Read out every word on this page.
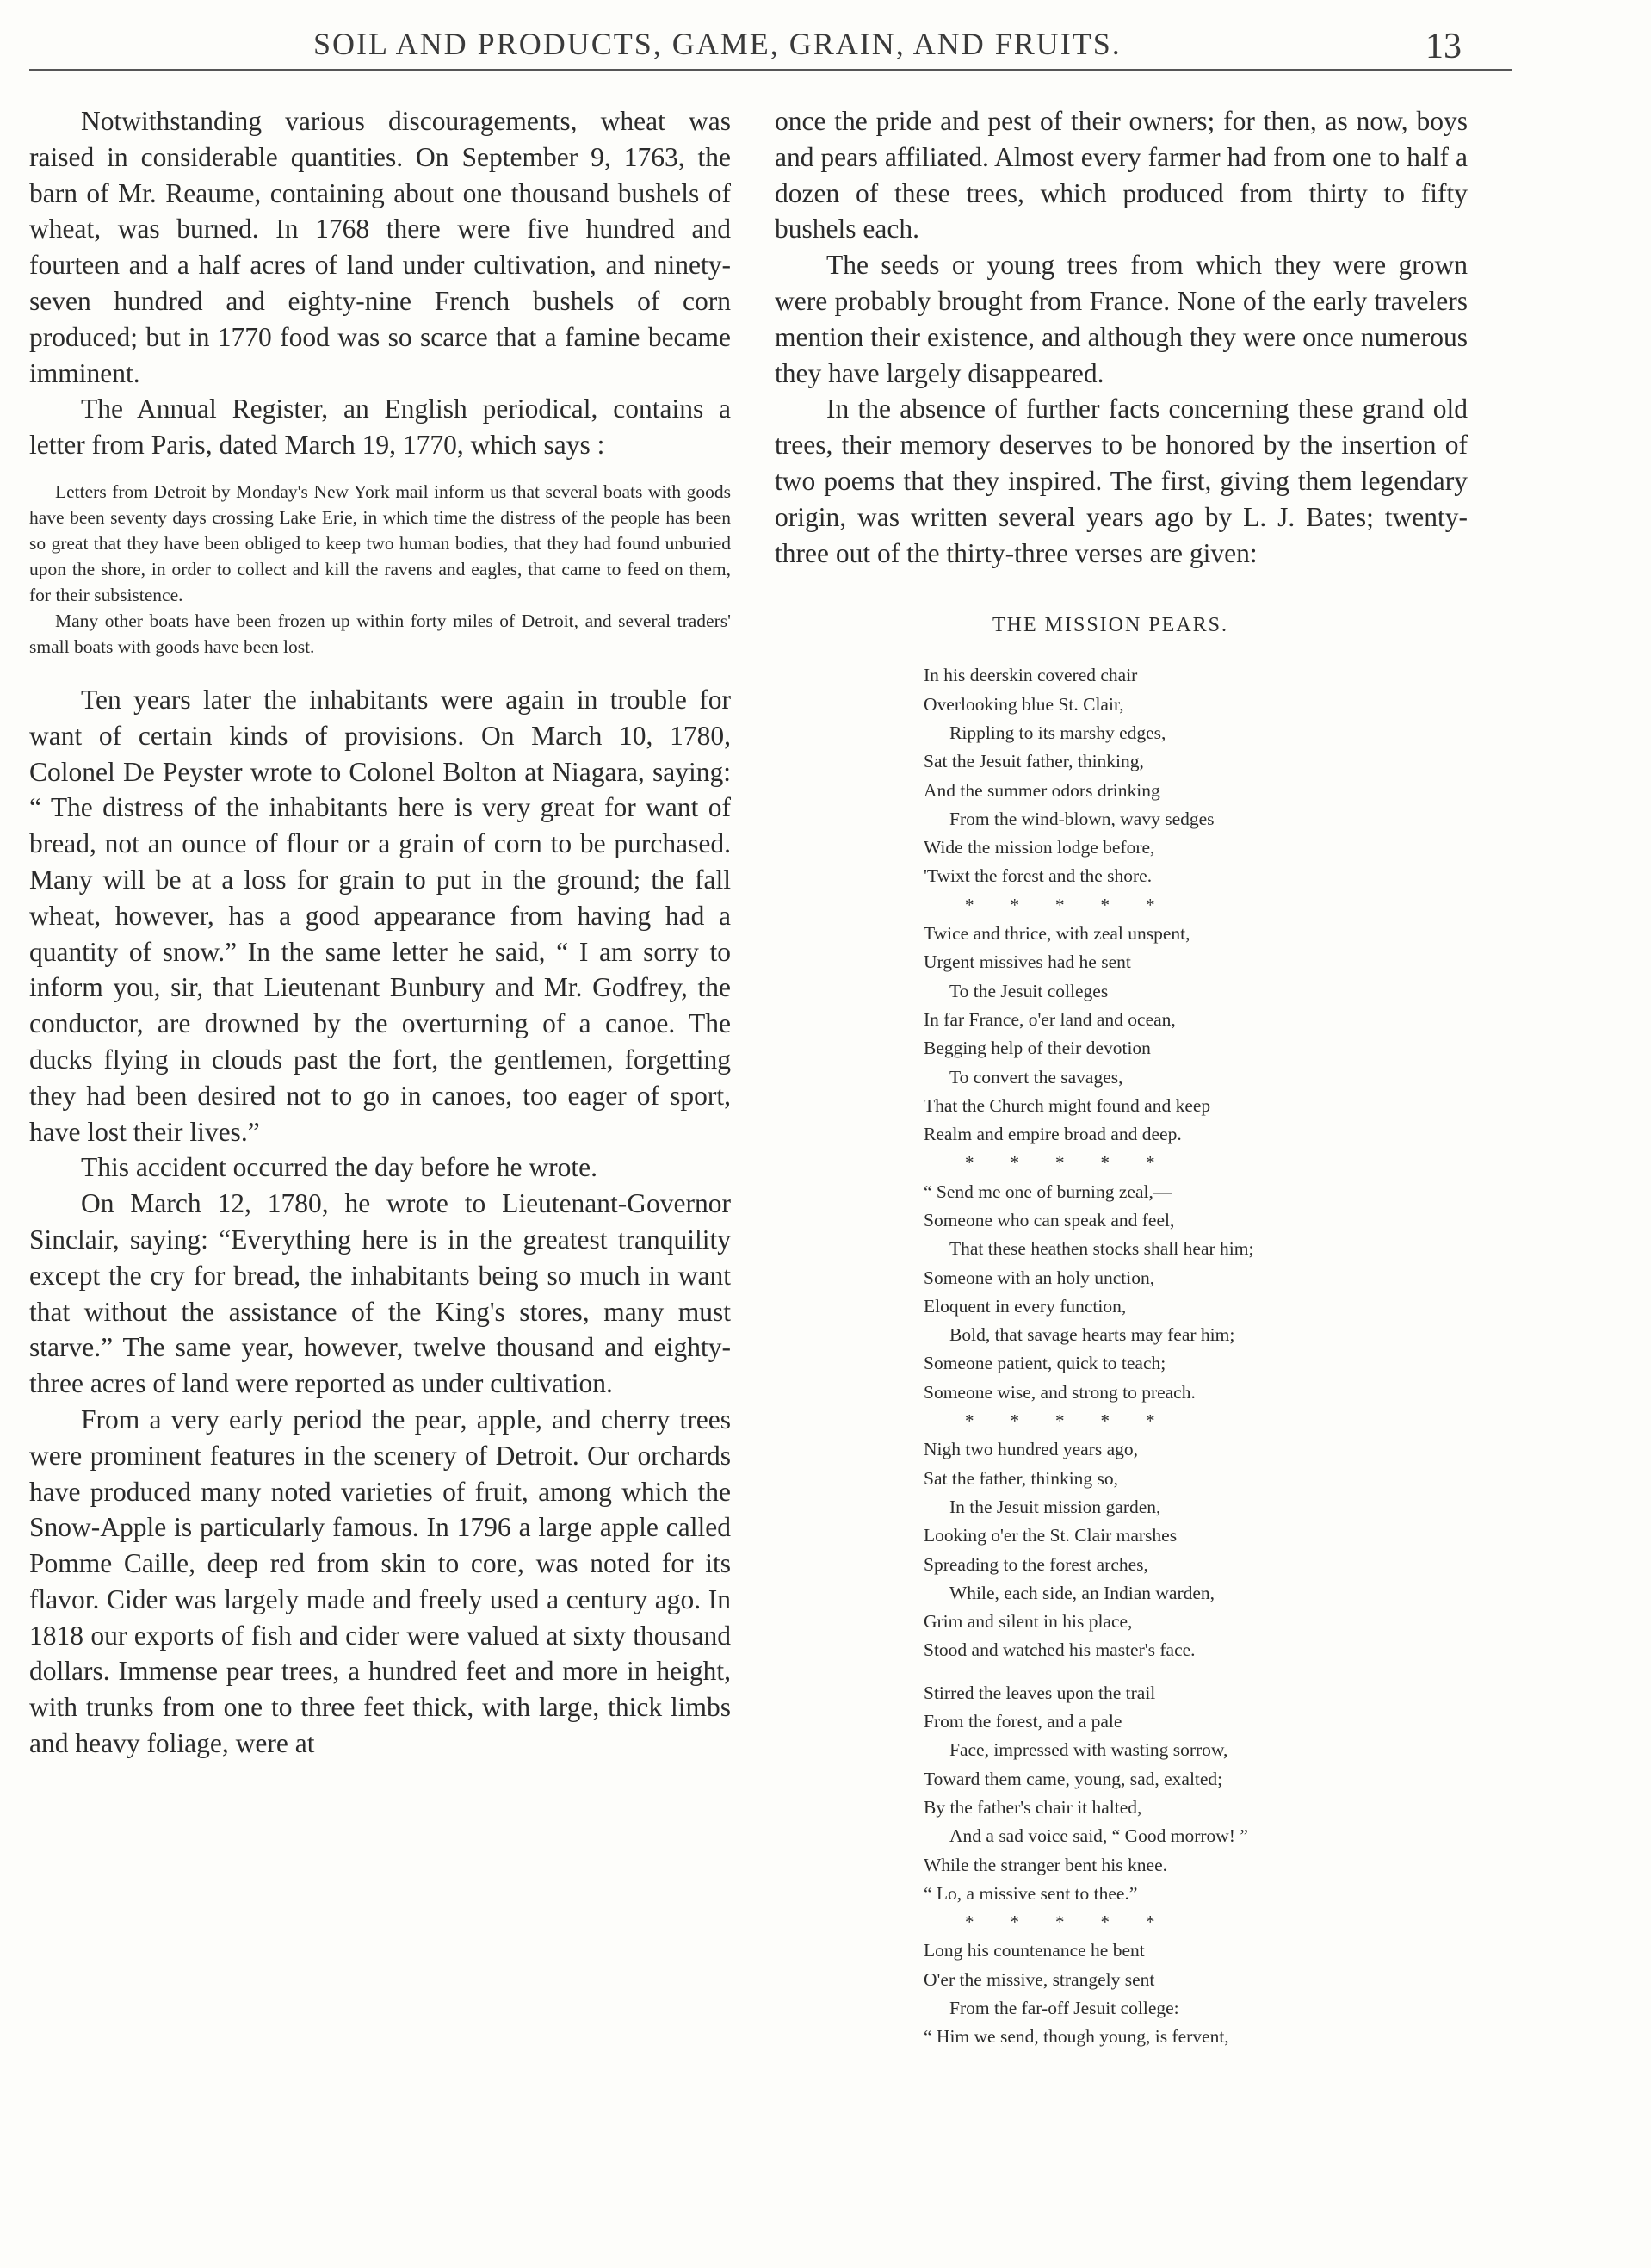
SOIL AND PRODUCTS, GAME, GRAIN, AND FRUITS.	13

Notwithstanding various discouragements, wheat was raised in considerable quantities. On September 9, 1763, the barn of Mr. Reaume, containing about one thousand bushels of wheat, was burned. In 1768 there were five hundred and fourteen and a half acres of land under cultivation, and ninety-seven hundred and eighty-nine French bushels of corn produced; but in 1770 food was so scarce that a famine became imminent.

The Annual Register, an English periodical, contains a letter from Paris, dated March 19, 1770, which says :

Letters from Detroit by Monday's New York mail inform us that several boats with goods have been seventy days crossing Lake Erie, in which time the distress of the people has been so great that they have been obliged to keep two human bodies, that they had found unburied upon the shore, in order to collect and kill the ravens and eagles, that came to feed on them, for their subsistence.

Many other boats have been frozen up within forty miles of Detroit, and several traders' small boats with goods have been lost.

Ten years later the inhabitants were again in trouble for want of certain kinds of provisions. On March 10, 1780, Colonel De Peyster wrote to Colonel Bolton at Niagara, saying: “ The distress of the inhabitants here is very great for want of bread, not an ounce of flour or a grain of corn to be purchased. Many will be at a loss for grain to put in the ground; the fall wheat, however, has a good appearance from having had a quantity of snow.” In the same letter he said, “ I am sorry to inform you, sir, that Lieutenant Bunbury and Mr. Godfrey, the conductor, are drowned by the overturning of a canoe. The ducks flying in clouds past the fort, the gentlemen, forgetting they had been desired not to go in canoes, too eager of sport, have lost their lives.”

This accident occurred the day before he wrote.

On March 12, 1780, he wrote to Lieutenant-Governor Sinclair, saying: “Everything here is in the greatest tranquility except the cry for bread, the inhabitants being so much in want that without the assistance of the King's stores, many must starve.” The same year, however, twelve thousand and eighty-three acres of land were reported as under cultivation.

From a very early period the pear, apple, and cherry trees were prominent features in the scenery of Detroit. Our orchards have produced many noted varieties of fruit, among which the Snow-Apple is particularly famous. In 1796 a large apple called Pomme Caille, deep red from skin to core, was noted for its flavor. Cider was largely made and freely used a century ago. In 1818 our exports of fish and cider were valued at sixty thousand dollars. Immense pear trees, a hundred feet and more in height, with trunks from one to three feet thick, with large, thick limbs and heavy foliage, were at

once the pride and pest of their owners; for then, as now, boys and pears affiliated. Almost every farmer had from one to half a dozen of these trees, which produced from thirty to fifty bushels each.

The seeds or young trees from which they were grown were probably brought from France. None of the early travelers mention their existence, and although they were once numerous they have largely disappeared.

In the absence of further facts concerning these grand old trees, their memory deserves to be honored by the insertion of two poems that they inspired. The first, giving them legendary origin, was written several years ago by L. J. Bates; twenty-three out of the thirty-three verses are given:

THE MISSION PEARS.
In his deerskin covered chair
Overlooking blue St. Clair,
Rippling to its marshy edges,
Sat the Jesuit father, thinking,
And the summer odors drinking
From the wind-blown, wavy sedges
Wide the mission lodge before,
'Twixt the forest and the shore.
*        *        *        *        *
Twice and thrice, with zeal unspent,
Urgent missives had he sent
To the Jesuit colleges
In far France, o'er land and ocean,
Begging help of their devotion
To convert the savages,
That the Church might found and keep
Realm and empire broad and deep.
*        *        *        *        *
“ Send me one of burning zeal,—
Someone who can speak and feel,
That these heathen stocks shall hear him;
Someone with an holy unction,
Eloquent in every function,
Bold, that savage hearts may fear him;
Someone patient, quick to teach;
Someone wise, and strong to preach.
*        *        *        *        *
Nigh two hundred years ago,
Sat the father, thinking so,
In the Jesuit mission garden,
Looking o'er the St. Clair marshes
Spreading to the forest arches,
While, each side, an Indian warden,
Grim and silent in his place,
Stood and watched his master's face.
Stirred the leaves upon the trail
From the forest, and a pale
Face, impressed with wasting sorrow,
Toward them came, young, sad, exalted;
By the father's chair it halted,
And a sad voice said, “ Good morrow! ”
While the stranger bent his knee.
“ Lo, a missive sent to thee.”
*        *        *        *        *
Long his countenance he bent
O'er the missive, strangely sent
From the far-off Jesuit college:
“ Him we send, though young, is fervent,
